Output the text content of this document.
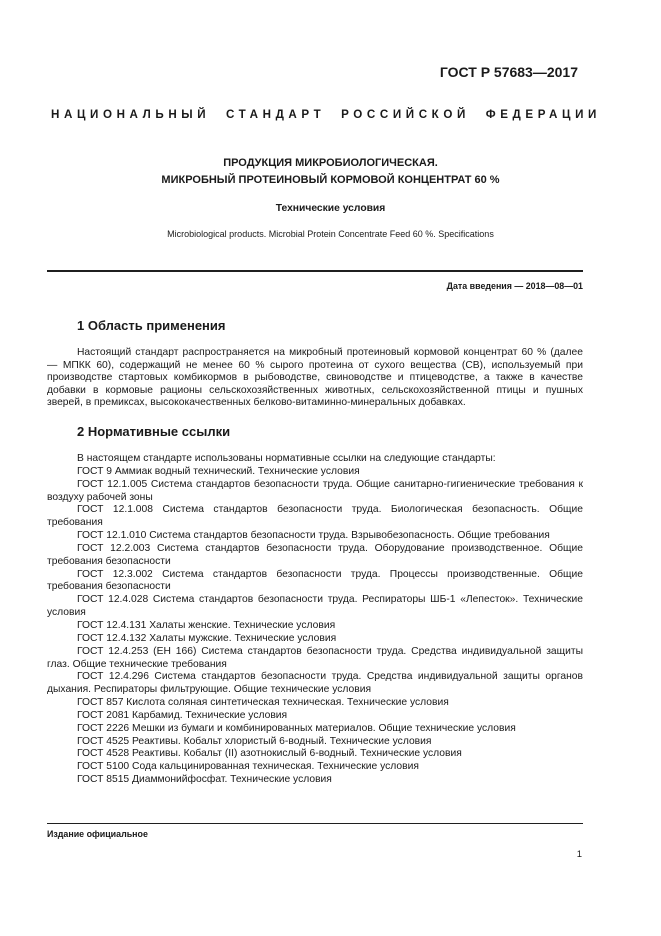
ГОСТ Р 57683—2017
НАЦИОНАЛЬНЫЙ СТАНДАРТ РОССИЙСКОЙ ФЕДЕРАЦИИ
ПРОДУКЦИЯ МИКРОБИОЛОГИЧЕСКАЯ.
МИКРОБНЫЙ ПРОТЕИНОВЫЙ КОРМОВОЙ КОНЦЕНТРАТ 60 %
Технические условия
Microbiological products. Microbial Protein Concentrate Feed 60 %. Specifications
Дата введения — 2018—08—01
1 Область применения
Настоящий стандарт распространяется на микробный протеиновый кормовой концентрат 60 % (далее — МПКК 60), содержащий не менее 60 % сырого протеина от сухого вещества (СВ), используемый при производстве стартовых комбикормов в рыбоводстве, свиноводстве и птицеводстве, а также в качестве добавки в кормовые рационы сельскохозяйственных животных, сельскохозяйственной птицы и пушных зверей, в премиксах, высококачественных белково-витаминно-минеральных добавках.
2 Нормативные ссылки

В настоящем стандарте использованы нормативные ссылки на следующие стандарты:

ГОСТ 9 Аммиак водный технический. Технические условия

ГОСТ 12.1.005 Система стандартов безопасности труда. Общие санитарно-гигиенические требования к воздуху рабочей зоны

ГОСТ 12.1.008 Система стандартов безопасности труда. Биологическая безопасность. Общие требования

ГОСТ 12.1.010 Система стандартов безопасности труда. Взрывобезопасность. Общие требования

ГОСТ 12.2.003 Система стандартов безопасности труда. Оборудование производственное. Общие требования безопасности

ГОСТ 12.3.002 Система стандартов безопасности труда. Процессы производственные. Общие требования безопасности

ГОСТ 12.4.028 Система стандартов безопасности труда. Респираторы ШБ-1 «Лепесток». Технические условия

ГОСТ 12.4.131 Халаты женские. Технические условия

ГОСТ 12.4.132 Халаты мужские. Технические условия

ГОСТ 12.4.253 (ЕН 166) Система стандартов безопасности труда. Средства индивидуальной защиты глаз. Общие технические требования

ГОСТ 12.4.296 Система стандартов безопасности труда. Средства индивидуальной защиты органов дыхания. Респираторы фильтрующие. Общие технические условия

ГОСТ 857 Кислота соляная синтетическая техническая. Технические условия

ГОСТ 2081 Карбамид. Технические условия

ГОСТ 2226 Мешки из бумаги и комбинированных материалов. Общие технические условия

ГОСТ 4525 Реактивы. Кобальт хлористый 6-водный. Технические условия

ГОСТ 4528 Реактивы. Кобальт (II) азотнокислый 6-водный. Технические условия

ГОСТ 5100 Сода кальцинированная техническая. Технические условия

ГОСТ 8515 Диаммонийфосфат. Технические условия

Издание официальное
1
